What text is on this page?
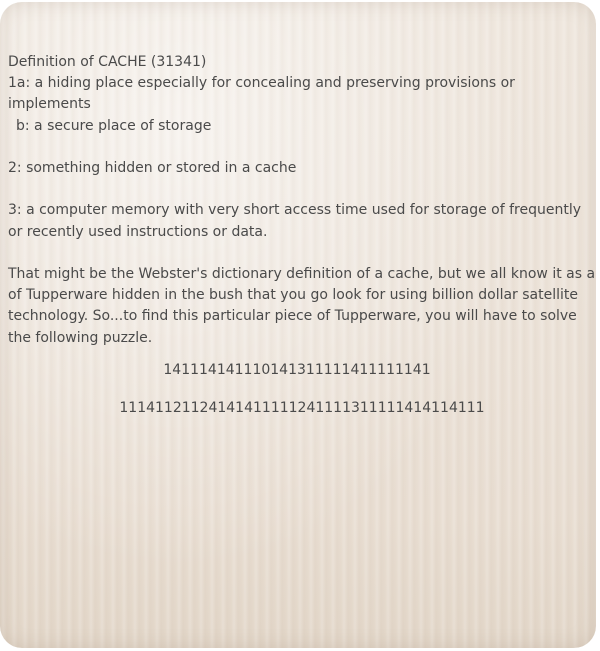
Definition of CACHE (31341)
1a: a hiding place especially for concealing and preserving provisions or implements
b: a secure place of storage
2: something hidden or stored in a cache
3: a computer memory with very short access time used for storage of frequently or recently used instructions or data.
That might be the Webster's dictionary definition of a cache, but we all know it as a of Tupperware hidden in the bush that you go look for using billion dollar satellite technology. So...to find this particular piece of Tupperware, you will have to solve the following puzzle.
141114141110141311111411111141
11141121124141411111241111311111414114111
